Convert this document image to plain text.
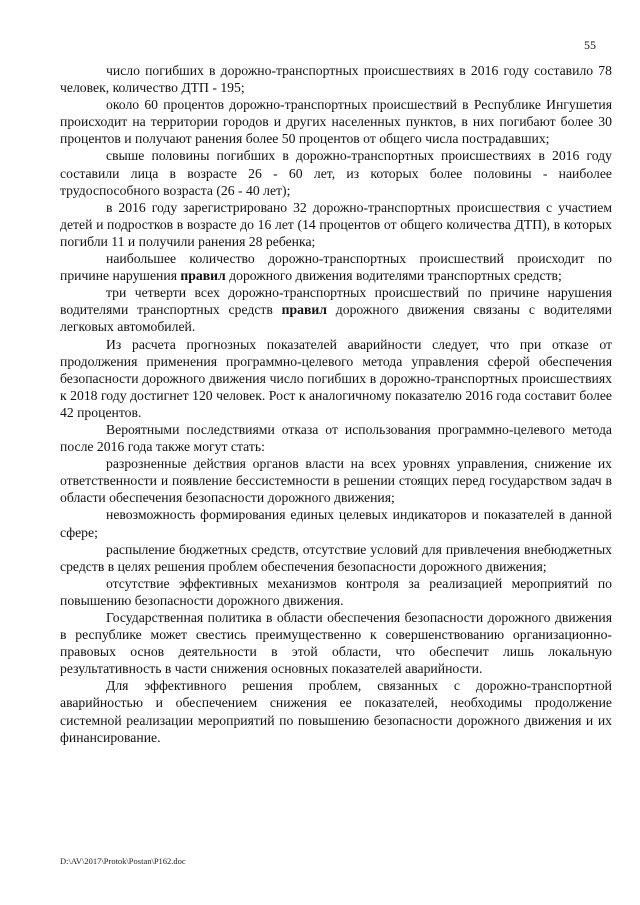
55

число погибших в дорожно-транспортных происшествиях в 2016 году составило 78 человек, количество ДТП - 195;

около 60 процентов дорожно-транспортных происшествий в Республике Ингушетия происходит на территории городов и других населенных пунктов, в них погибают более 30 процентов и получают ранения более 50 процентов от общего числа пострадавших;

свыше половины погибших в дорожно-транспортных происшествиях в 2016 году составили лица в возрасте 26 - 60 лет, из которых более половины - наиболее трудоспособного возраста (26 - 40 лет);

в 2016 году зарегистрировано 32 дорожно-транспортных происшествия с участием детей и подростков в возрасте до 16 лет (14 процентов от общего количества ДТП), в которых погибли 11 и получили ранения 28 ребенка;

наибольшее количество дорожно-транспортных происшествий происходит по причине нарушения правил дорожного движения водителями транспортных средств;

три четверти всех дорожно-транспортных происшествий по причине нарушения водителями транспортных средств правил дорожного движения связаны с водителями легковых автомобилей.

Из расчета прогнозных показателей аварийности следует, что при отказе от продолжения применения программно-целевого метода управления сферой обеспечения безопасности дорожного движения число погибших в дорожно-транспортных происшествиях к 2018 году достигнет 120 человек. Рост к аналогичному показателю 2016 года составит более 42 процентов.

Вероятными последствиями отказа от использования программно-целевого метода после 2016 года также могут стать:

разрозненные действия органов власти на всех уровнях управления, снижение их ответственности и появление бессистемности в решении стоящих перед государством задач в области обеспечения безопасности дорожного движения;

невозможность формирования единых целевых индикаторов и показателей в данной сфере;

распыление бюджетных средств, отсутствие условий для привлечения внебюджетных средств в целях решения проблем обеспечения безопасности дорожного движения;

отсутствие эффективных механизмов контроля за реализацией мероприятий по повышению безопасности дорожного движения.

Государственная политика в области обеспечения безопасности дорожного движения в республике может свестись преимущественно к совершенствованию организационно-правовых основ деятельности в этой области, что обеспечит лишь локальную результативность в части снижения основных показателей аварийности.

Для эффективного решения проблем, связанных с дорожно-транспортной аварийностью и обеспечением снижения ее показателей, необходимы продолжение системной реализации мероприятий по повышению безопасности дорожного движения и их финансирование.

D:\AV\2017\Protok\Postan\P162.doc
